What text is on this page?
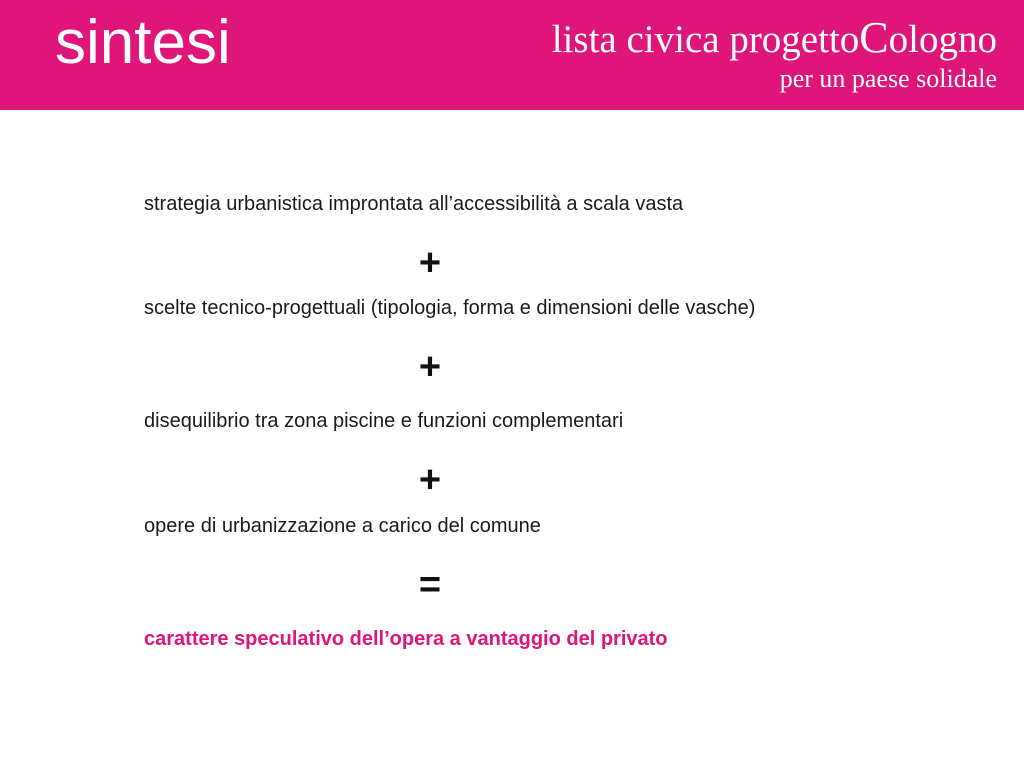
sintesi	lista civica progettoCologno
per un paese solidale
strategia urbanistica improntata all’accessibilità a scala vasta
+
scelte tecnico-progettuali (tipologia, forma e dimensioni delle vasche)
+
disequilibrio tra zona piscine e funzioni complementari
+
opere di urbanizzazione a carico del comune
=
carattere speculativo dell’opera a vantaggio del privato
